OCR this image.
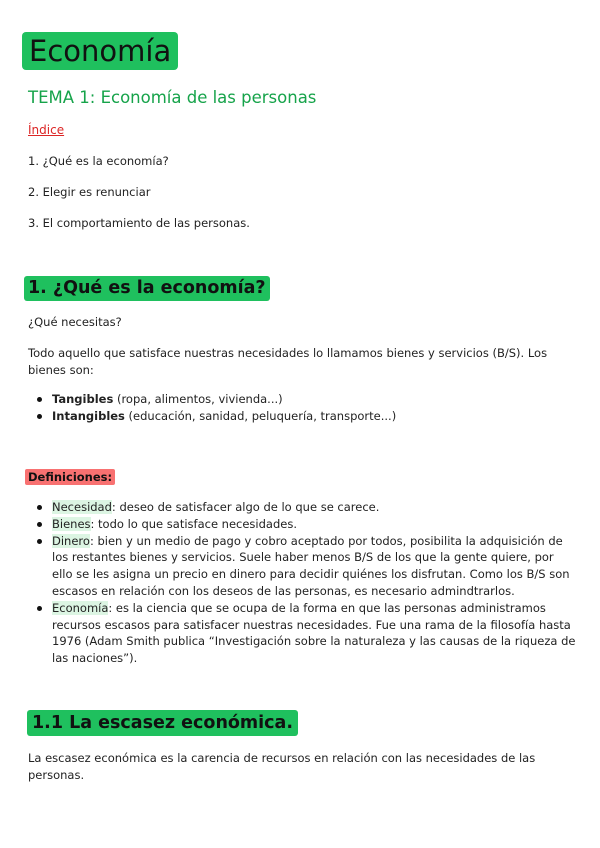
Economía
TEMA 1: Economía de las personas
Índice
1. ¿Qué es la economía?
2. Elegir es renunciar
3. El comportamiento de las personas.
1. ¿Qué es la economía?
¿Qué necesitas?
Todo aquello que satisface nuestras necesidades lo llamamos bienes y servicios (B/S). Los bienes son:
Tangibles (ropa, alimentos, vivienda...)
Intangibles (educación, sanidad, peluquería, transporte...)
Definiciones:
Necesidad: deseo de satisfacer algo de lo que se carece.
Bienes: todo lo que satisface necesidades.
Dinero: bien y un medio de pago y cobro aceptado por todos, posibilita la adquisición de los restantes bienes y servicios. Suele haber menos B/S de los que la gente quiere, por ello se les asigna un precio en dinero para decidir quiénes los disfrutan. Como los B/S son escasos en relación con los deseos de las personas, es necesario admindtrarlos.
Economía: es la ciencia que se ocupa de la forma en que las personas administramos recursos escasos para satisfacer nuestras necesidades. Fue una rama de la filosofía hasta 1976 (Adam Smith publica “Investigación sobre la naturaleza y las causas de la riqueza de las naciones”).
1.1 La escasez económica.
La escasez económica es la carencia de recursos en relación con las necesidades de las personas.
